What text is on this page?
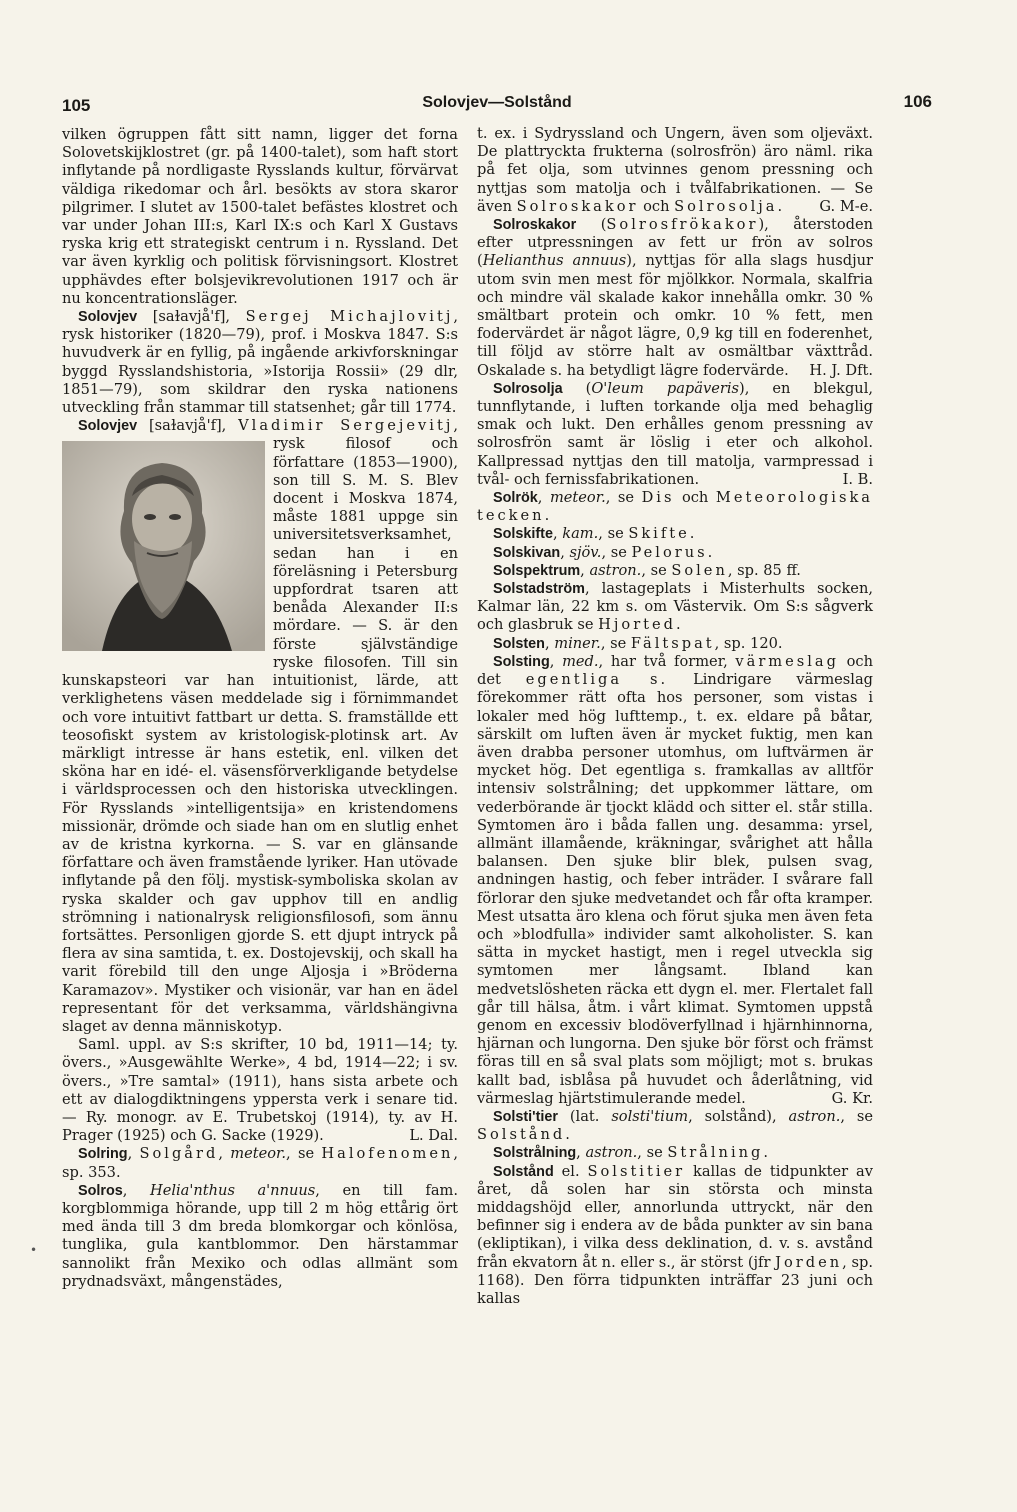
105	Solovjev—Solstånd	106

vilken ögruppen fått sitt namn, ligger det forna Solovetskijklostret (gr. på 1400-talet), som haft stort inflytande på nordligaste Rysslands kultur, förvärvat väldiga rikedomar och årl. besökts av stora skaror pilgrimer. I slutet av 1500-talet befästes klostret och var under Johan III:s, Karl IX:s och Karl X Gustavs ryska krig ett strategiskt centrum i n. Ryssland. Det var även kyrklig och politisk förvisningsort. Klostret upphävdes efter bolsjevikrevolutionen 1917 och är nu koncentrationsläger.

Solovjev [saɫavjå'f], Sergej Michajlovitj, rysk historiker (1820—79), prof. i Moskva 1847. S:s huvudverk är en fyllig, på ingående arkivforskningar byggd Rysslandshistoria, »Istorija Rossii» (29 dlr, 1851—79), som skildrar den ryska nationens utveckling från stammar till statsenhet; går till 1774.

Solovjev [saɫavjå'f], Vladimir Sergejevitj
, rysk filosof och författare (1853—1900), son till S. M. S. Blev docent i Moskva 1874, måste 1881 uppge sin universitetsverksamhet, sedan han i en föreläsning i Petersburg uppfordrat tsaren att benåda Alexander II:s mördare. — S. är den förste självständige ryske filosofen. Till sin kunskapsteori var han intuitionist, lärde, att verklighetens väsen meddelade sig i förnimmandet och vore intuitivt fattbart ur detta. S. framställde ett teosofiskt system av kristologisk-plotinsk art. Av märkligt intresse är hans estetik, enl. vilken det sköna har en idé- el. väsensförverkligande betydelse i världsprocessen och den historiska utvecklingen. För Rysslands »intelligentsija» en kristendomens missionär, drömde och siade han om en slutlig enhet av de kristna kyrkorna. — S. var en glänsande författare och även framstående lyriker. Han utövade inflytande på den följ. mystisk-symboliska skolan av ryska skalder och gav upphov till en andlig strömning i nationalrysk religionsfilosofi, som ännu fortsättes. Personligen gjorde S. ett djupt intryck på flera av sina samtida, t. ex. Dostojevskij, och skall ha varit förebild till den unge Aljosja i »Bröderna Karamazov». Mystiker och visionär, var han en ädel representant för det verksamma, världshängivna slaget av denna människotyp.

Saml. uppl. av S:s skrifter, 10 bd, 1911—14; ty. övers., »Ausgewählte Werke», 4 bd, 1914—22; i sv. övers., »Tre samtal» (1911), hans sista arbete och ett av dialogdiktningens yppersta verk i senare tid. — Ry. monogr. av E. Trubetskoj (1914), ty. av H. Prager (1925) och G. Sacke (1929).	L. Dal.

Solring, Solgård, meteor., se Halofenomen, sp. 353.

Solros, Helia'nthus a'nnuus, en till fam. korgblommiga hörande, upp till 2 m hög ettårig ört med ända till 3 dm breda blomkorgar och könlösa, tunglika, gula kantblommor. Den härstammar sannolikt från Mexiko och odlas allmänt som prydnadsväxt, mångenstädes,

•

t. ex. i Sydryssland och Ungern, även som oljeväxt. De plattryckta frukterna (solrosfrön) äro näml. rika på fet olja, som utvinnes genom pressning och nyttjas som matolja och i tvålfabrikationen. — Se även Solroskakor och Solrosolja.	G. M-e.

Solroskakor (Solrosfrökakor), återstoden efter utpressningen av fett ur frön av solros (Helianthus annuus), nyttjas för alla slags husdjur utom svin men mest för mjölkkor. Normala, skalfria och mindre väl skalade kakor innehålla omkr. 30 % smältbart protein och omkr. 10 % fett, men fodervärdet är något lägre, 0,9 kg till en foderenhet, till följd av större halt av osmältbar växttråd. Oskalade s. ha betydligt lägre fodervärde.	H. J. Dft.

Solrosolja (O'leum papäveris), en blekgul, tunnflytande, i luften torkande olja med behaglig smak och lukt. Den erhålles genom pressning av solrosfrön samt är löslig i eter och alkohol. Kallpressad nyttjas den till matolja, varmpressad i tvål- och fernissfabrikationen.	I. B.

Solrök, meteor., se Dis och Meteorologiska tecken.

Solskifte, kam., se Skifte.

Solskivan, sjöv., se Pelorus.

Solspektrum, astron., se Solen, sp. 85 ff.

Solstadström, lastageplats i Misterhults socken, Kalmar län, 22 km s. om Västervik. Om S:s sågverk och glasbruk se Hjorted.

Solsten, miner., se Fältspat, sp. 120.

Solsting, med., har två former, värmeslag och det egentliga s. Lindrigare värmeslag förekommer rätt ofta hos personer, som vistas i lokaler med hög lufttemp., t. ex. eldare på båtar, särskilt om luften även är mycket fuktig, men kan även drabba personer utomhus, om luftvärmen är mycket hög. Det egentliga s. framkallas av alltför intensiv solstrålning; det uppkommer lättare, om vederbörande är tjockt klädd och sitter el. står stilla. Symtomen äro i båda fallen ung. desamma: yrsel, allmänt illamående, kräkningar, svårighet att hålla balansen. Den sjuke blir blek, pulsen svag, andningen hastig, och feber inträder. I svårare fall förlorar den sjuke medvetandet och får ofta kramper. Mest utsatta äro klena och förut sjuka men även feta och »blodfulla» individer samt alkoholister. S. kan sätta in mycket hastigt, men i regel utveckla sig symtomen mer långsamt. Ibland kan medvetslösheten räcka ett dygn el. mer. Flertalet fall går till hälsa, åtm. i vårt klimat. Symtomen uppstå genom en excessiv blodöverfyllnad i hjärnhinnorna, hjärnan och lungorna. Den sjuke bör först och främst föras till en så sval plats som möjligt; mot s. brukas kallt bad, isblåsa på huvudet och åderlåtning, vid värmeslag hjärtstimulerande medel.	G. Kr.

Solsti'tier (lat. solsti'tium, solstånd), astron., se Solstånd.

Solstrålning, astron., se Strålning.

Solstånd el. Solstitier kallas de tidpunkter av året, då solen har sin största och minsta middagshöjd eller, annorlunda uttryckt, när den befinner sig i endera av de båda punkter av sin bana (ekliptikan), i vilka dess deklination, d. v. s. avstånd från ekvatorn åt n. eller s., är störst (jfr Jorden, sp. 1168). Den förra tidpunkten inträffar 23 juni och kallas
